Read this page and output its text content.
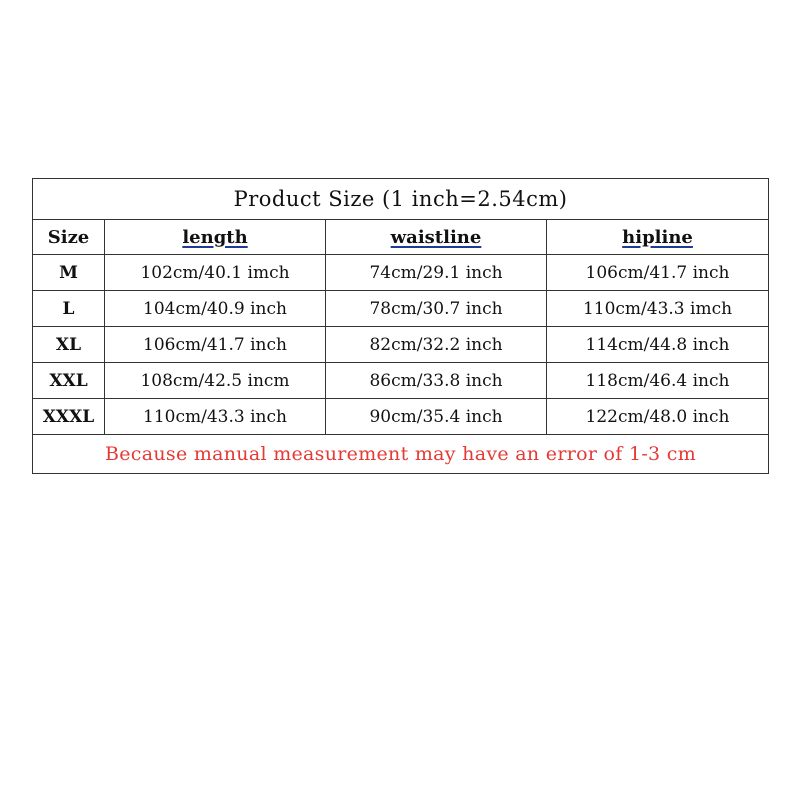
Product Size (1 inch=2.54cm)			
Size	length	waistline	hipline
M	102cm/40.1 imch	74cm/29.1 inch	106cm/41.7 inch
L	104cm/40.9 inch	78cm/30.7 inch	110cm/43.3 imch
XL	106cm/41.7 inch	82cm/32.2 inch	114cm/44.8 inch
XXL	108cm/42.5 incm	86cm/33.8 inch	118cm/46.4 inch
XXXL	110cm/43.3 inch	90cm/35.4 inch	122cm/48.0 inch
Because manual measurement may have an error of 1-3 cm			
